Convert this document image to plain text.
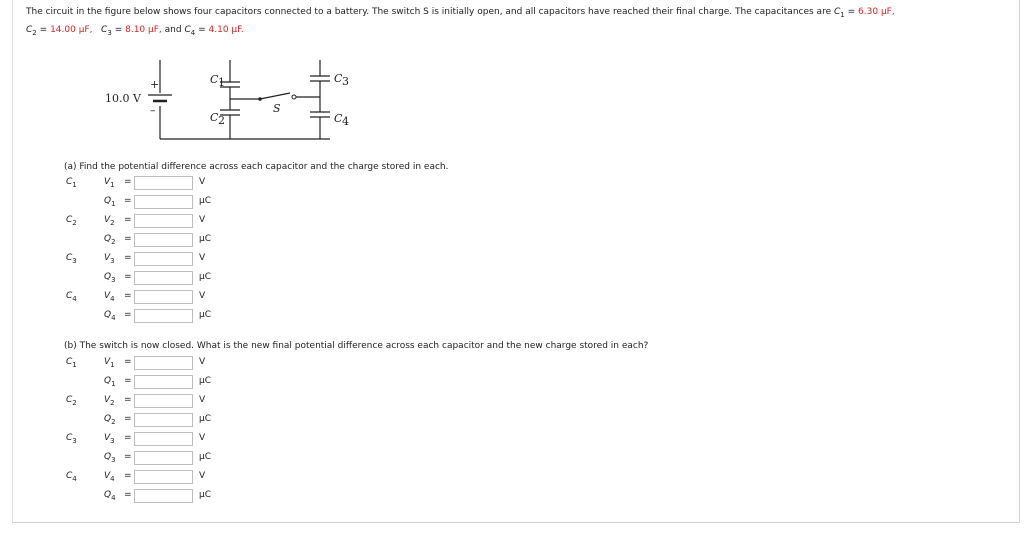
The circuit in the figure below shows four capacitors connected to a battery. The switch S is initially open, and all capacitors have reached their final charge. The capacitances are $C_1 = 6.30$ μF,
$C_2 = 14.00$ μF, $C_3 = 8.10$ μF, and $C_4 = 4.10$ μF.
10.0 V
+
–
C 1
C 2
C 3
C 4
S
(a) Find the potential difference across each capacitor and the charge stored in each.
$C_1$	$V_1$ =	V
$Q_1$ =	μC
$C_2$	$V_2$ =	V
$Q_2$ =	μC
$C_3$	$V_3$ =	V
$Q_3$ =	μC
$C_4$	$V_4$ =	V
$Q_4$ =	μC
(b) The switch is now closed. What is the new final potential difference across each capacitor and the new charge stored in each?
$C_1$	$V_1$ =	V
$Q_1$ =	μC
$C_2$	$V_2$ =	V
$Q_2$ =	μC
$C_3$	$V_3$ =	V
$Q_3$ =	μC
$C_4$	$V_4$ =	V
$Q_4$ =	μC
